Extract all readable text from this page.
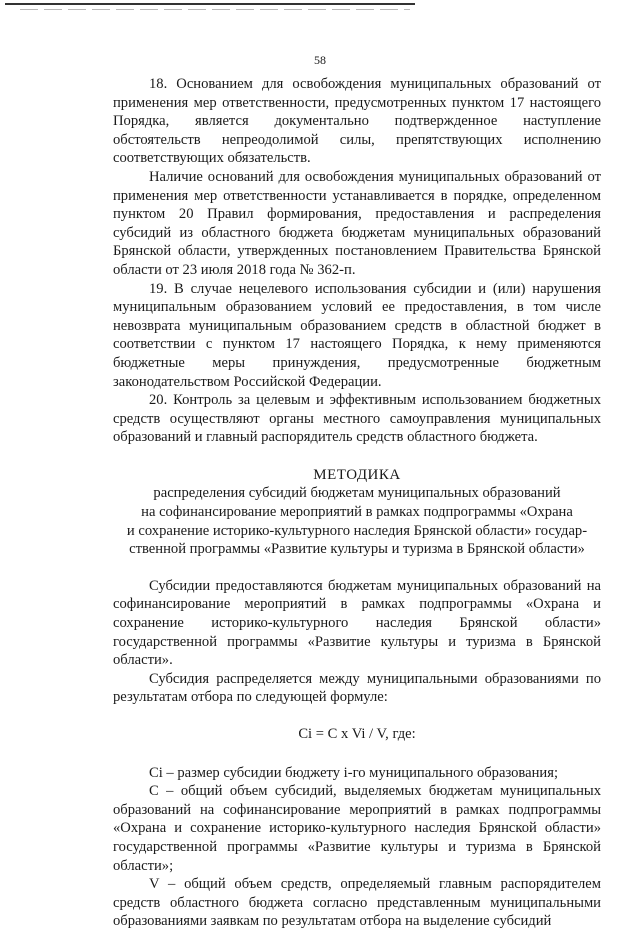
58

18. Основанием для освобождения муниципальных образований от применения мер ответственности, предусмотренных пунктом 17 настоящего Порядка, является документально подтвержденное наступление обстоятельств непреодолимой силы, препятствующих исполнению соответствующих обязательств.

Наличие оснований для освобождения муниципальных образований от применения мер ответственности устанавливается в порядке, определенном пунктом 20 Правил формирования, предоставления и распределения субсидий из областного бюджета бюджетам муниципальных образований Брянской области, утвержденных постановлением Правительства Брянской области от 23 июля 2018 года № 362-п.

19. В случае нецелевого использования субсидии и (или) нарушения муниципальным образованием условий ее предоставления, в том числе невозврата муниципальным образованием средств в областной бюджет в соответствии с пунктом 17 настоящего Порядка, к нему применяются бюджетные меры принуждения, предусмотренные бюджетным законодательством Российской Федерации.

20. Контроль за целевым и эффективным использованием бюджетных средств осуществляют органы местного самоуправления муниципальных образований и главный распорядитель средств областного бюджета.

МЕТОДИКА

распределения субсидий бюджетам муниципальных образований

на софинансирование мероприятий в рамках подпрограммы «Охрана

и сохранение историко-культурного наследия Брянской области» государ-

ственной программы «Развитие культуры и туризма в Брянской области»

Субсидии предоставляются бюджетам муниципальных образований на софинансирование мероприятий в рамках подпрограммы «Охрана и сохранение историко-культурного наследия Брянской области» государственной программы «Развитие культуры и туризма в Брянской области».

Субсидия распределяется между муниципальными образованиями по результатам отбора по следующей формуле:

Ci = C x Vi / V, где:

Ci – размер субсидии бюджету i-го муниципального образования;

C – общий объем субсидий, выделяемых бюджетам муниципальных образований на софинансирование мероприятий в рамках подпрограммы «Охрана и сохранение историко-культурного наследия Брянской области» государственной программы «Развитие культуры и туризма в Брянской области»;

V – общий объем средств, определяемый главным распорядителем средств областного бюджета согласно представленным муниципальными образованиями заявкам по результатам отбора на выделение субсидий
